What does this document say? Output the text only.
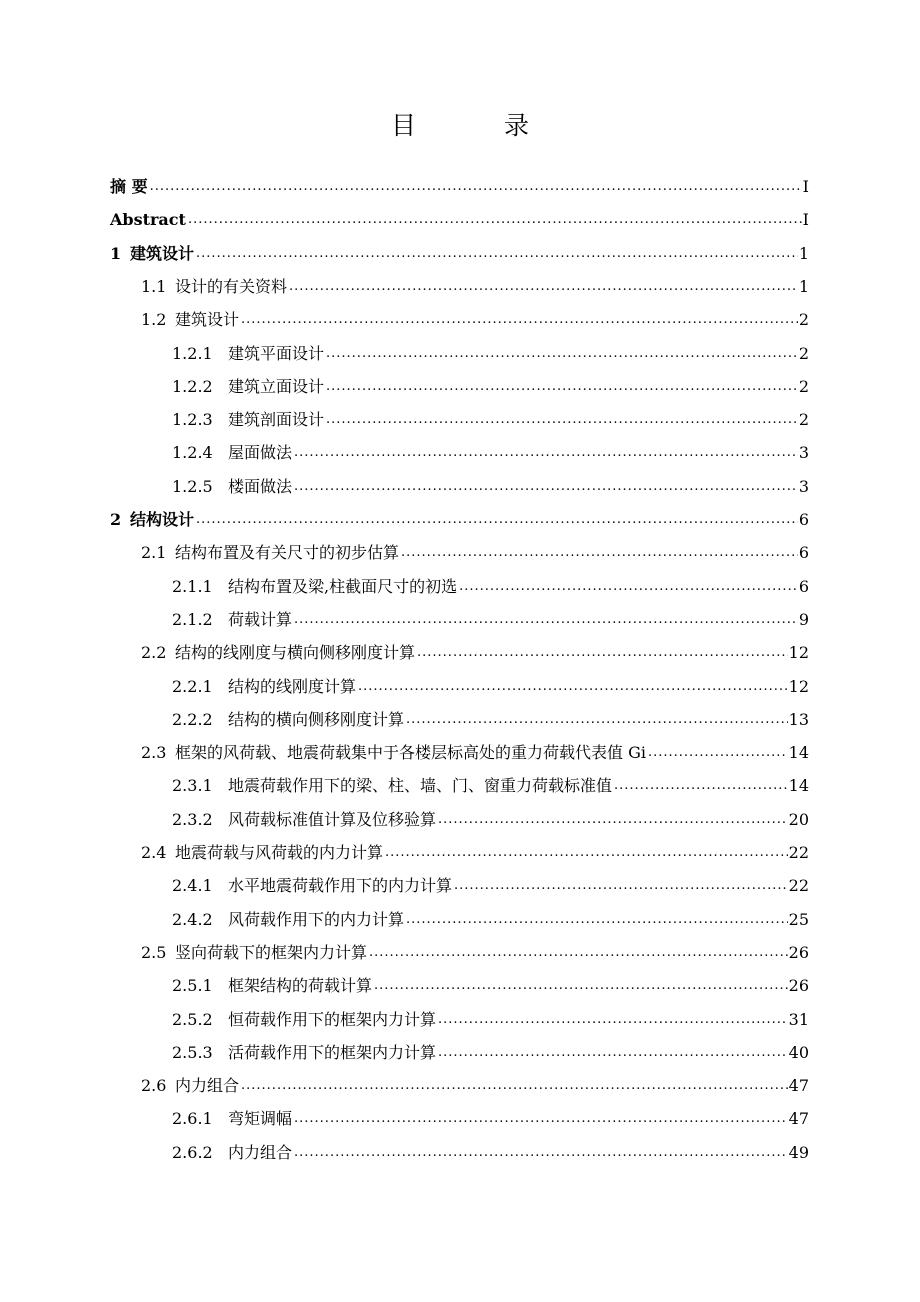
目 录
摘 要 .....	I
Abstract .....	I
1 建筑设计 .....	1
1.1 设计的有关资料 .....	1
1.2 建筑设计 .....	2
1.2.1 建筑平面设计 .....	2
1.2.2 建筑立面设计 .....	2
1.2.3 建筑剖面设计 .....	2
1.2.4 屋面做法 .....	3
1.2.5 楼面做法 .....	3
2 结构设计 .....	6
2.1 结构布置及有关尺寸的初步估算 .....	6
2.1.1 结构布置及梁,柱截面尺寸的初选 .....	6
2.1.2 荷载计算 .....	9
2.2 结构的线刚度与横向侧移刚度计算 .....	12
2.2.1 结构的线刚度计算 .....	12
2.2.2 结构的横向侧移刚度计算 .....	13
2.3 框架的风荷载、地震荷载集中于各楼层标高处的重力荷载代表值 Gi .....	14
2.3.1 地震荷载作用下的梁、柱、墙、门、窗重力荷载标准值 .....	14
2.3.2 风荷载标准值计算及位移验算 .....	20
2.4 地震荷载与风荷载的内力计算 .....	22
2.4.1 水平地震荷载作用下的内力计算 .....	22
2.4.2 风荷载作用下的内力计算 .....	25
2.5 竖向荷载下的框架内力计算 .....	26
2.5.1 框架结构的荷载计算 .....	26
2.5.2 恒荷载作用下的框架内力计算 .....	31
2.5.3 活荷载作用下的框架内力计算 .....	40
2.6 内力组合 .....	47
2.6.1 弯矩调幅 .....	47
2.6.2 内力组合 .....	49
